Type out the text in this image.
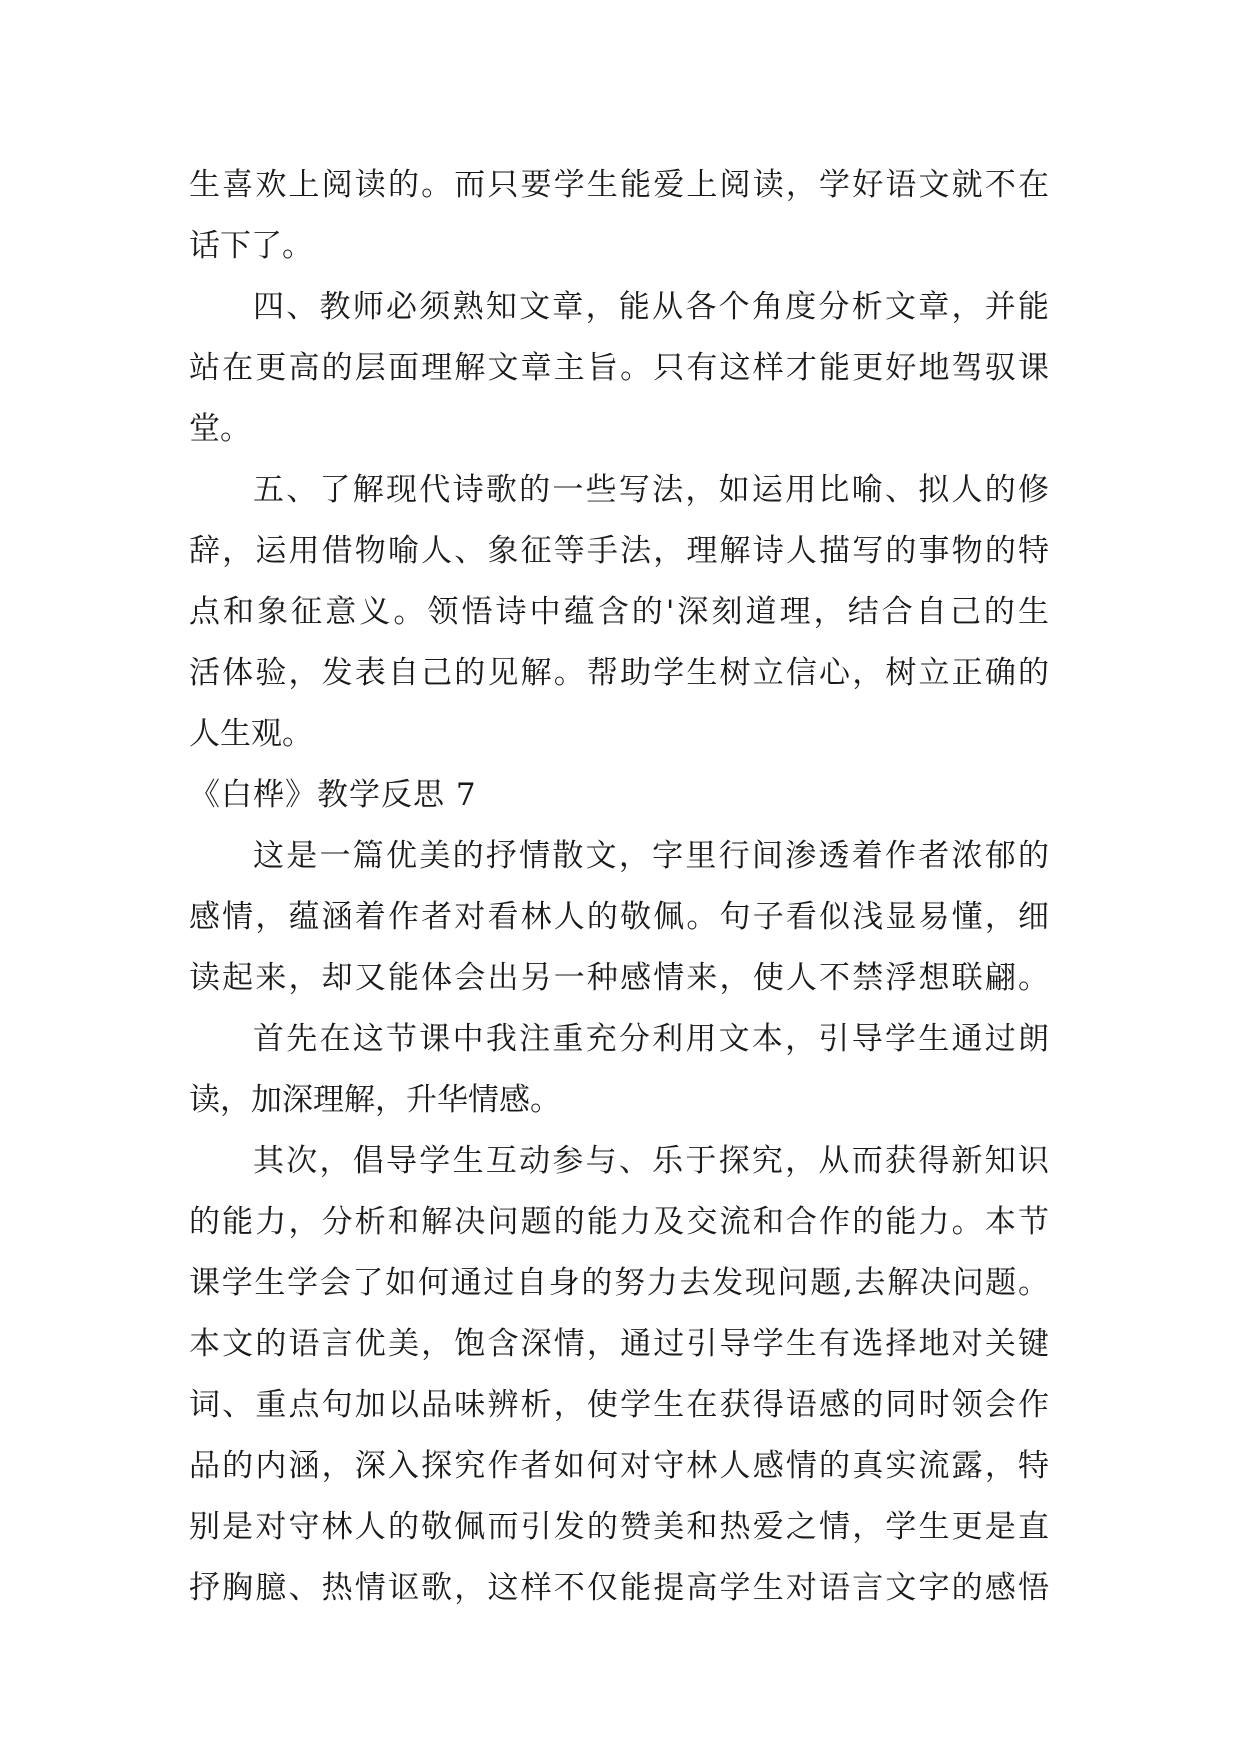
生喜欢上阅读的。而只要学生能爱上阅读，学好语文就不在
话下了。
四、教师必须熟知文章，能从各个角度分析文章，并能
站在更高的层面理解文章主旨。只有这样才能更好地驾驭课
堂。
五、了解现代诗歌的一些写法，如运用比喻、拟人的修
辞，运用借物喻人、象征等手法，理解诗人描写的事物的特
点和象征意义。领悟诗中蕴含的'深刻道理，结合自己的生
活体验，发表自己的见解。帮助学生树立信心，树立正确的
人生观。
《白桦》教学反思 7
这是一篇优美的抒情散文，字里行间渗透着作者浓郁的
感情，蕴涵着作者对看林人的敬佩。句子看似浅显易懂，细
读起来，却又能体会出另一种感情来，使人不禁浮想联翩。
首先在这节课中我注重充分利用文本，引导学生通过朗
读，加深理解，升华情感。
其次，倡导学生互动参与、乐于探究，从而获得新知识
的能力，分析和解决问题的能力及交流和合作的能力。本节
课学生学会了如何通过自身的努力去发现问题,去解决问题。
本文的语言优美，饱含深情，通过引导学生有选择地对关键
词、重点句加以品味辨析，使学生在获得语感的同时领会作
品的内涵，深入探究作者如何对守林人感情的真实流露，特
别是对守林人的敬佩而引发的赞美和热爱之情，学生更是直
抒胸臆、热情讴歌，这样不仅能提高学生对语言文字的感悟
